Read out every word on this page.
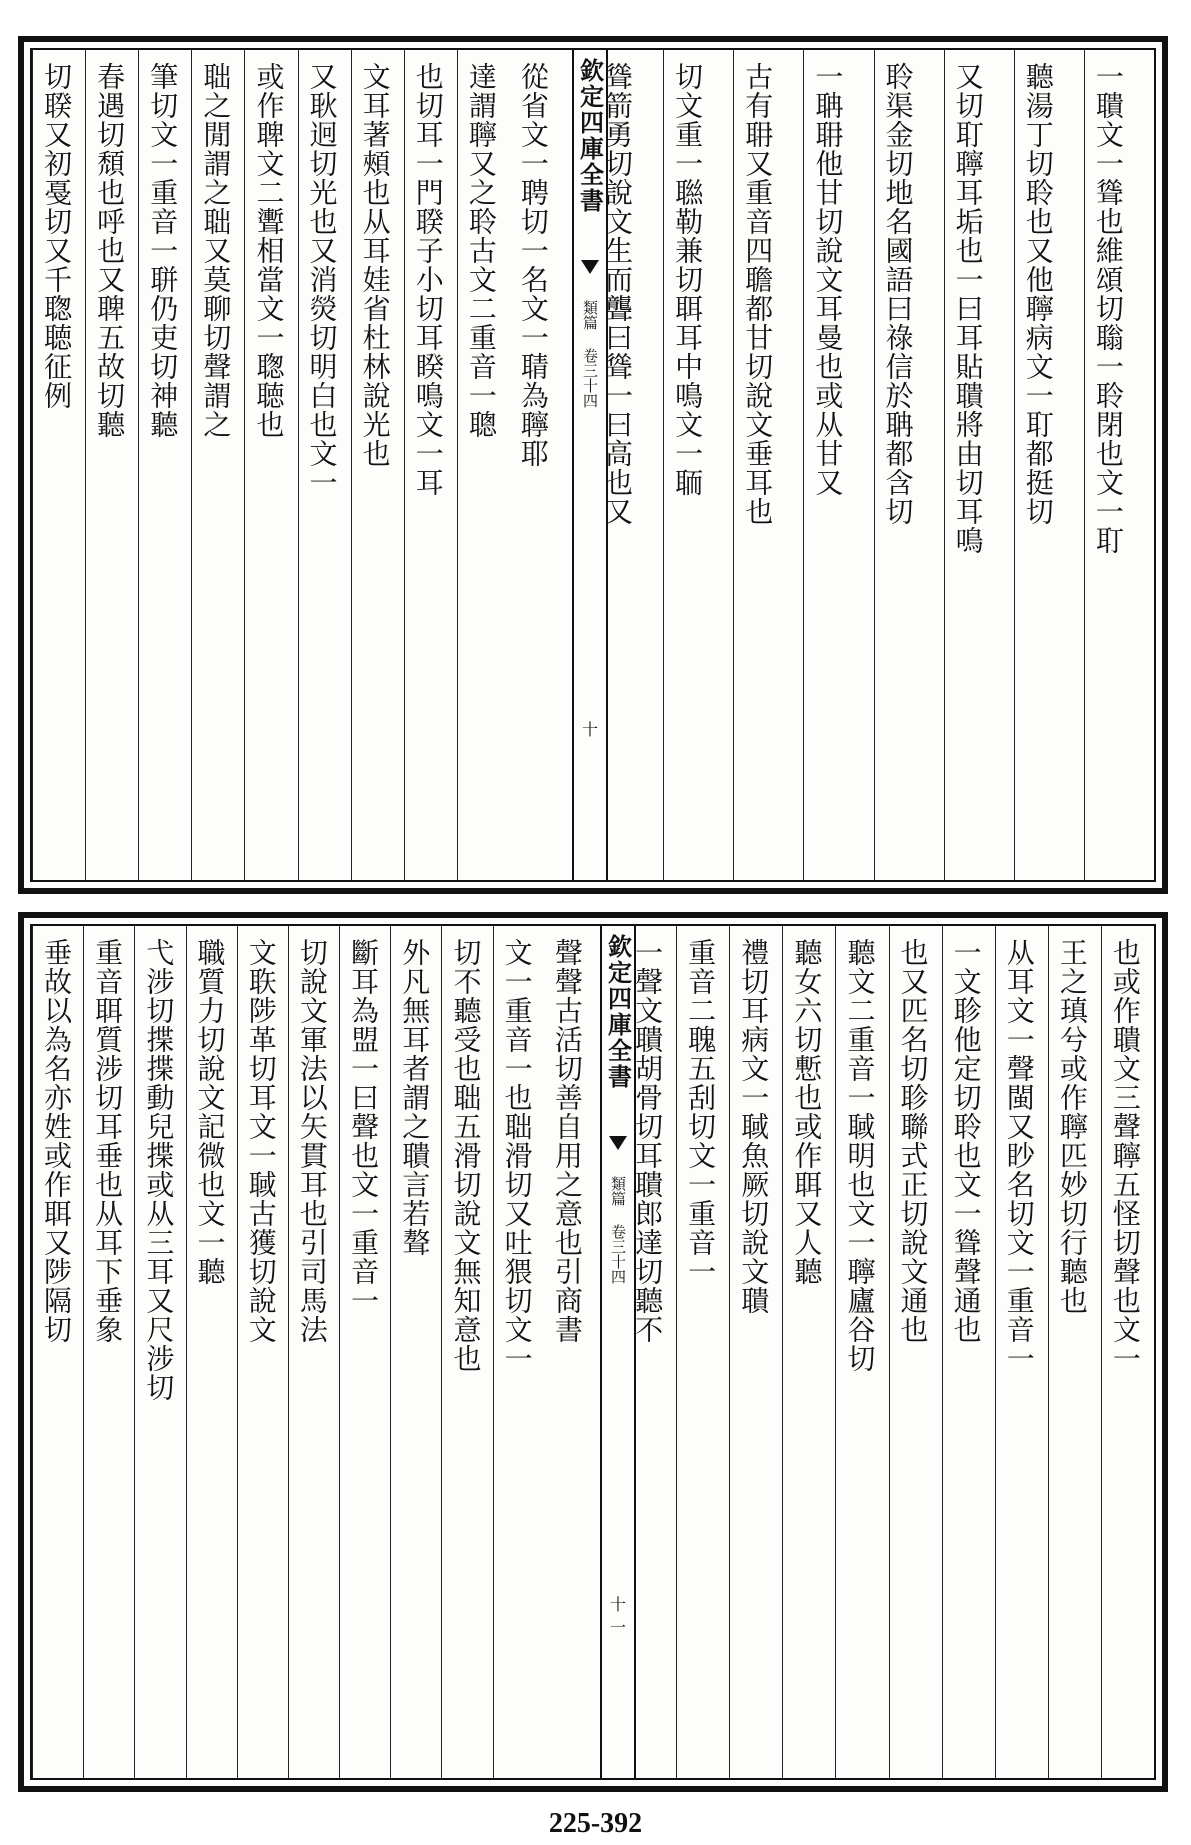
一聵文一聳也維頌切聬一聆閉也文一耵
聽湯丁切聆也又他聹病文一耵都挺切
又切耵聹耳垢也一曰耳貼聵將由切耳鳴
聆渠金切地名國語曰祿信於聃都含切
一聃耼他甘切說文耳曼也或从甘又
古有耼又重音四聸都甘切說文垂耳也
切文重一聮勒兼切聑耳中鳴文一聏
聳箭勇切說文生而聾曰聳一曰高也又
欽定四庫全書
類篇 卷三十四
十
從省文一聘切一名文一聙為聹耶
達謂聹又之聆古文二重音一聰
也切耳一門聧子小切耳睽鳴文一耳
文耳著頰也从耳娃省杜林說光也
又耿迥切光也又消熒切明白也文一
或作聛文二聻相當文一聦聴也
聉之閒謂之聉又莫聊切聲謂之
筆切文一重音一聠仍吏切神聽
春遇切頹也呼也又聛五故切聽
切聧又初戞切又千聦聴征例
也或作聵文三聲聹五怪切聲也文一
王之瑱兮或作聹匹妙切行聽也
从耳文一聲閩又眇名切文一重音一
一文聄他定切聆也文一聳聲通也
也又匹名切聄聯式正切說文通也
聽文二重音一聝明也文一聹廬谷切
聽女六切慙也或作聑又人聽
禮切耳病文一聝魚厥切說文聵
重音二聭五刮切文一重音一
一聲文聵胡骨切耳聵郎達切聽不
欽定四庫全書
類篇 卷三十四
十一
聲聲古活切善自用之意也引商書
文一重音一也聉滑切又吐猥切文一
切不聽受也聉五滑切說文無知意也
外凡無耳者謂之聵言若聱
斷耳為盟一曰聲也文一重音一
切說文軍法以矢貫耳也引司馬法
文聅陟革切耳文一聝古獲切說文
職質力切說文記微也文一聽
弋涉切揲揲動兒揲或从三耳又尺涉切
重音聑質涉切耳垂也从耳下垂象
垂故以為名亦姓或作聑又陟隔切
225-392
